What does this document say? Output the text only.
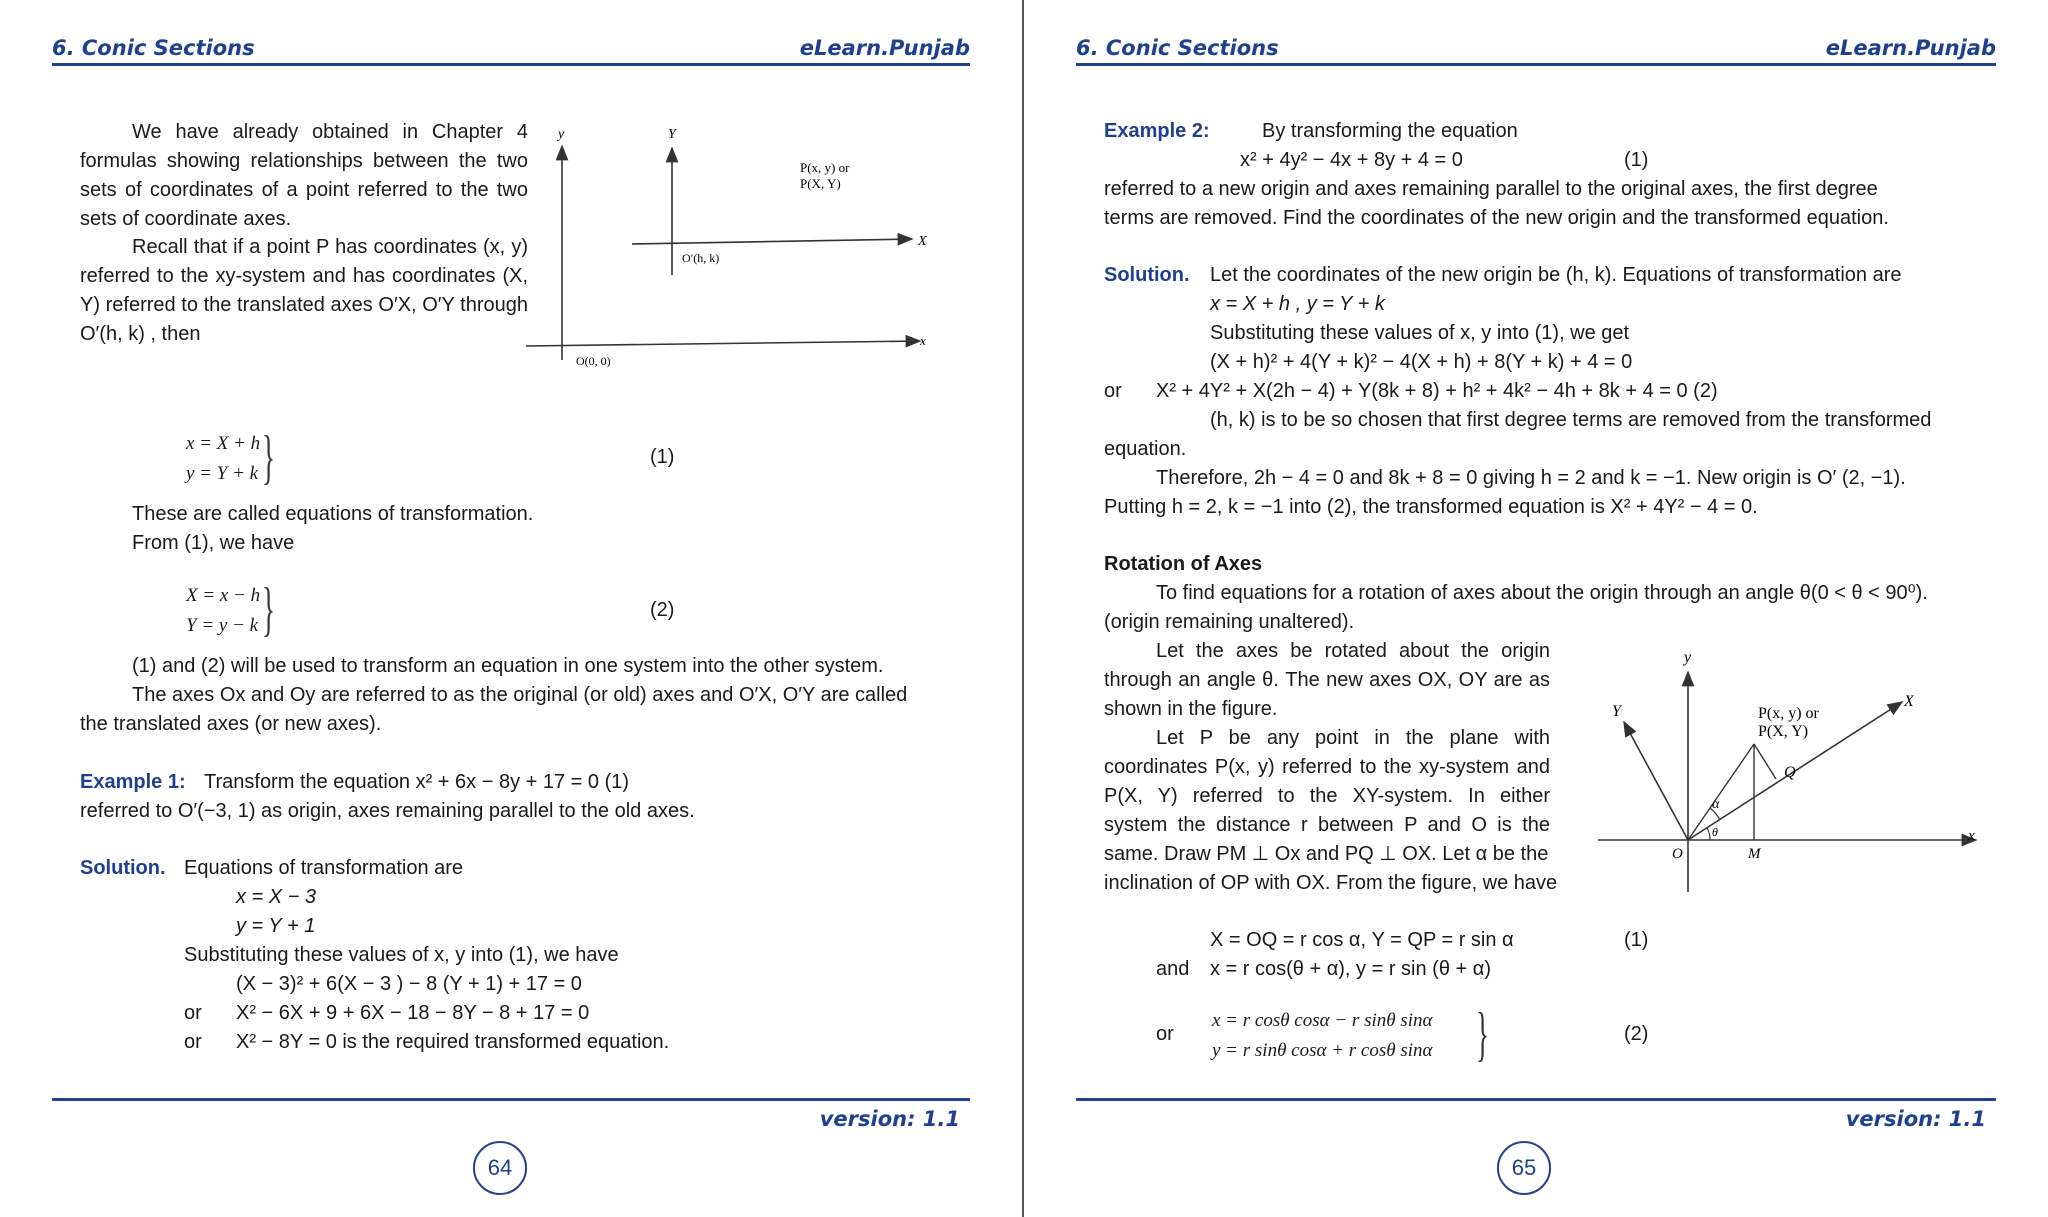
6. Conic Sections	eLearn.Punjab
We have already obtained in Chapter 4 formulas showing relationships between the two sets of coordinates of a point referred to the two sets of coordinate axes.
Recall that if a point P has coordinates (x, y) referred to the xy-system and has coordinates (X, Y) referred to the translated axes O′X, O′Y through O′(h, k) , then
y	Y
X
x
P(x, y) or
P(X, Y)
O′(h, k)
O(0, 0)
x = X + h
y = Y + k }	(1)
These are called equations of transformation.
From (1), we have
X = x − h
Y = y − k }	(2)
(1) and (2) will be used to transform an equation in one system into the other system.
The axes Ox and Oy are referred to as the original (or old) axes and O′X, O′Y are called
the translated axes (or new axes).
Example 1: Transform the equation x² + 6x − 8y + 17 = 0 (1)
referred to O′(−3, 1) as origin, axes remaining parallel to the old axes.
Solution. Equations of transformation are
x = X − 3
y = Y + 1
Substituting these values of x, y into (1), we have
(X − 3)² + 6(X − 3 ) − 8 (Y + 1) + 17 = 0
or X² − 6X + 9 + 6X − 18 − 8Y − 8 + 17 = 0
or X² − 8Y = 0 is the required transformed equation.
version: 1.1
64
6. Conic Sections	eLearn.Punjab
Example 2:	By transforming the equation
x² + 4y² − 4x + 8y + 4 = 0	(1)
referred to a new origin and axes remaining parallel to the original axes, the first degree
terms are removed. Find the coordinates of the new origin and the transformed equation.
Solution. Let the coordinates of the new origin be (h, k). Equations of transformation are
x = X + h , y = Y + k
Substituting these values of x, y into (1), we get
(X + h)² + 4(Y + k)² − 4(X + h) + 8(Y + k) + 4 = 0
or X² + 4Y² + X(2h − 4) + Y(8k + 8) + h² + 4k² − 4h + 8k + 4 = 0 (2)
(h, k) is to be so chosen that first degree terms are removed from the transformed
equation.
Therefore, 2h − 4 = 0 and 8k + 8 = 0 giving h = 2 and k = −1. New origin is O′ (2, −1).
Putting h = 2, k = −1 into (2), the transformed equation is X² + 4Y² − 4 = 0.
Rotation of Axes
To find equations for a rotation of axes about the origin through an angle θ(0 < θ < 90⁰).
(origin remaining unaltered).
Let the axes be rotated about the origin through an angle θ. The new axes OX, OY are as shown in the figure.
Let P be any point in the plane with coordinates P(x, y) referred to the xy-system and P(X, Y) referred to the XY-system. In either system the distance r between P and O is the same. Draw PM ⊥ Ox and PQ ⊥ OX. Let α be the
inclination of OP with OX. From the figure, we have
y
Y
X
x
P(x, y) or
P(X, Y)
Q
α
θ
O	M
X = OQ = r cos α, Y = QP = r sin α	(1)
and x = r cos(θ + α), y = r sin (θ + α)
or
x = r cosθ cosα − r sinθ sinα
y = r sinθ cosα + r cosθ sinα }	(2)
version: 1.1
65
